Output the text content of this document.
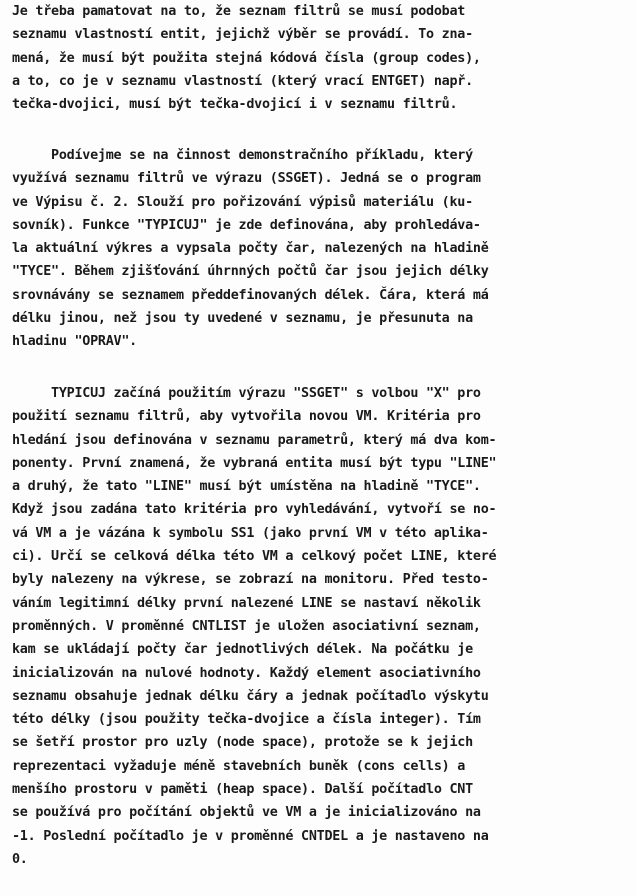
Je třeba pamatovat na to, že seznam filtrů se musí podobat
seznamu vlastností entit, jejichž výběr se provádí. To zna-
mená, že musí být použita stejná kódová čísla (group codes),
a to, co je v seznamu vlastností (který vrací ENTGET) např.
tečka-dvojici, musí být tečka-dvojicí i v seznamu filtrů.
Podívejme se na činnost demonstračního příkladu, který
využívá seznamu filtrů ve výrazu (SSGET). Jedná se o program
ve Výpisu č. 2. Slouží pro pořizování výpisů materiálu (ku-
sovník). Funkce "TYPICUJ" je zde definována, aby prohledáva-
la aktuální výkres a vypsala počty čar, nalezených na hladině
"TYCE". Během zjišťování úhrnných počtů čar jsou jejich délky
srovnávány se seznamem předdefinovaných délek. Čára, která má
délku jinou, než jsou ty uvedené v seznamu, je přesunuta na
hladinu "OPRAV".
TYPICUJ začíná použitím výrazu "SSGET" s volbou "X" pro
použití seznamu filtrů, aby vytvořila novou VM. Kritéria pro
hledání jsou definována v seznamu parametrů, který má dva kom-
ponenty. První znamená, že vybraná entita musí být typu "LINE"
a druhý, že tato "LINE" musí být umístěna na hladině "TYCE".
Když jsou zadána tato kritéria pro vyhledávání, vytvoří se no-
vá VM a je vázána k symbolu SS1 (jako první VM v této aplika-
ci). Určí se celková délka této VM a celkový počet LINE, které
byly nalezeny na výkrese, se zobrazí na monitoru. Před testo-
váním legitimní délky první nalezené LINE se nastaví několik
proměnných. V proměnné CNTLIST je uložen asociativní seznam,
kam se ukládají počty čar jednotlivých délek. Na počátku je
inicializován na nulové hodnoty. Každý element asociativního
seznamu obsahuje jednak délku čáry a jednak počítadlo výskytu
této délky (jsou použity tečka-dvojice a čísla integer). Tím
se šetří prostor pro uzly (node space), protože se k jejich
reprezentaci vyžaduje méně stavebních buněk (cons cells) a
menšího prostoru v paměti (heap space). Další počítadlo CNT
se používá pro počítání objektů ve VM a je inicializováno na
-1. Poslední počítadlo je v proměnné CNTDEL a je nastaveno na
0.
